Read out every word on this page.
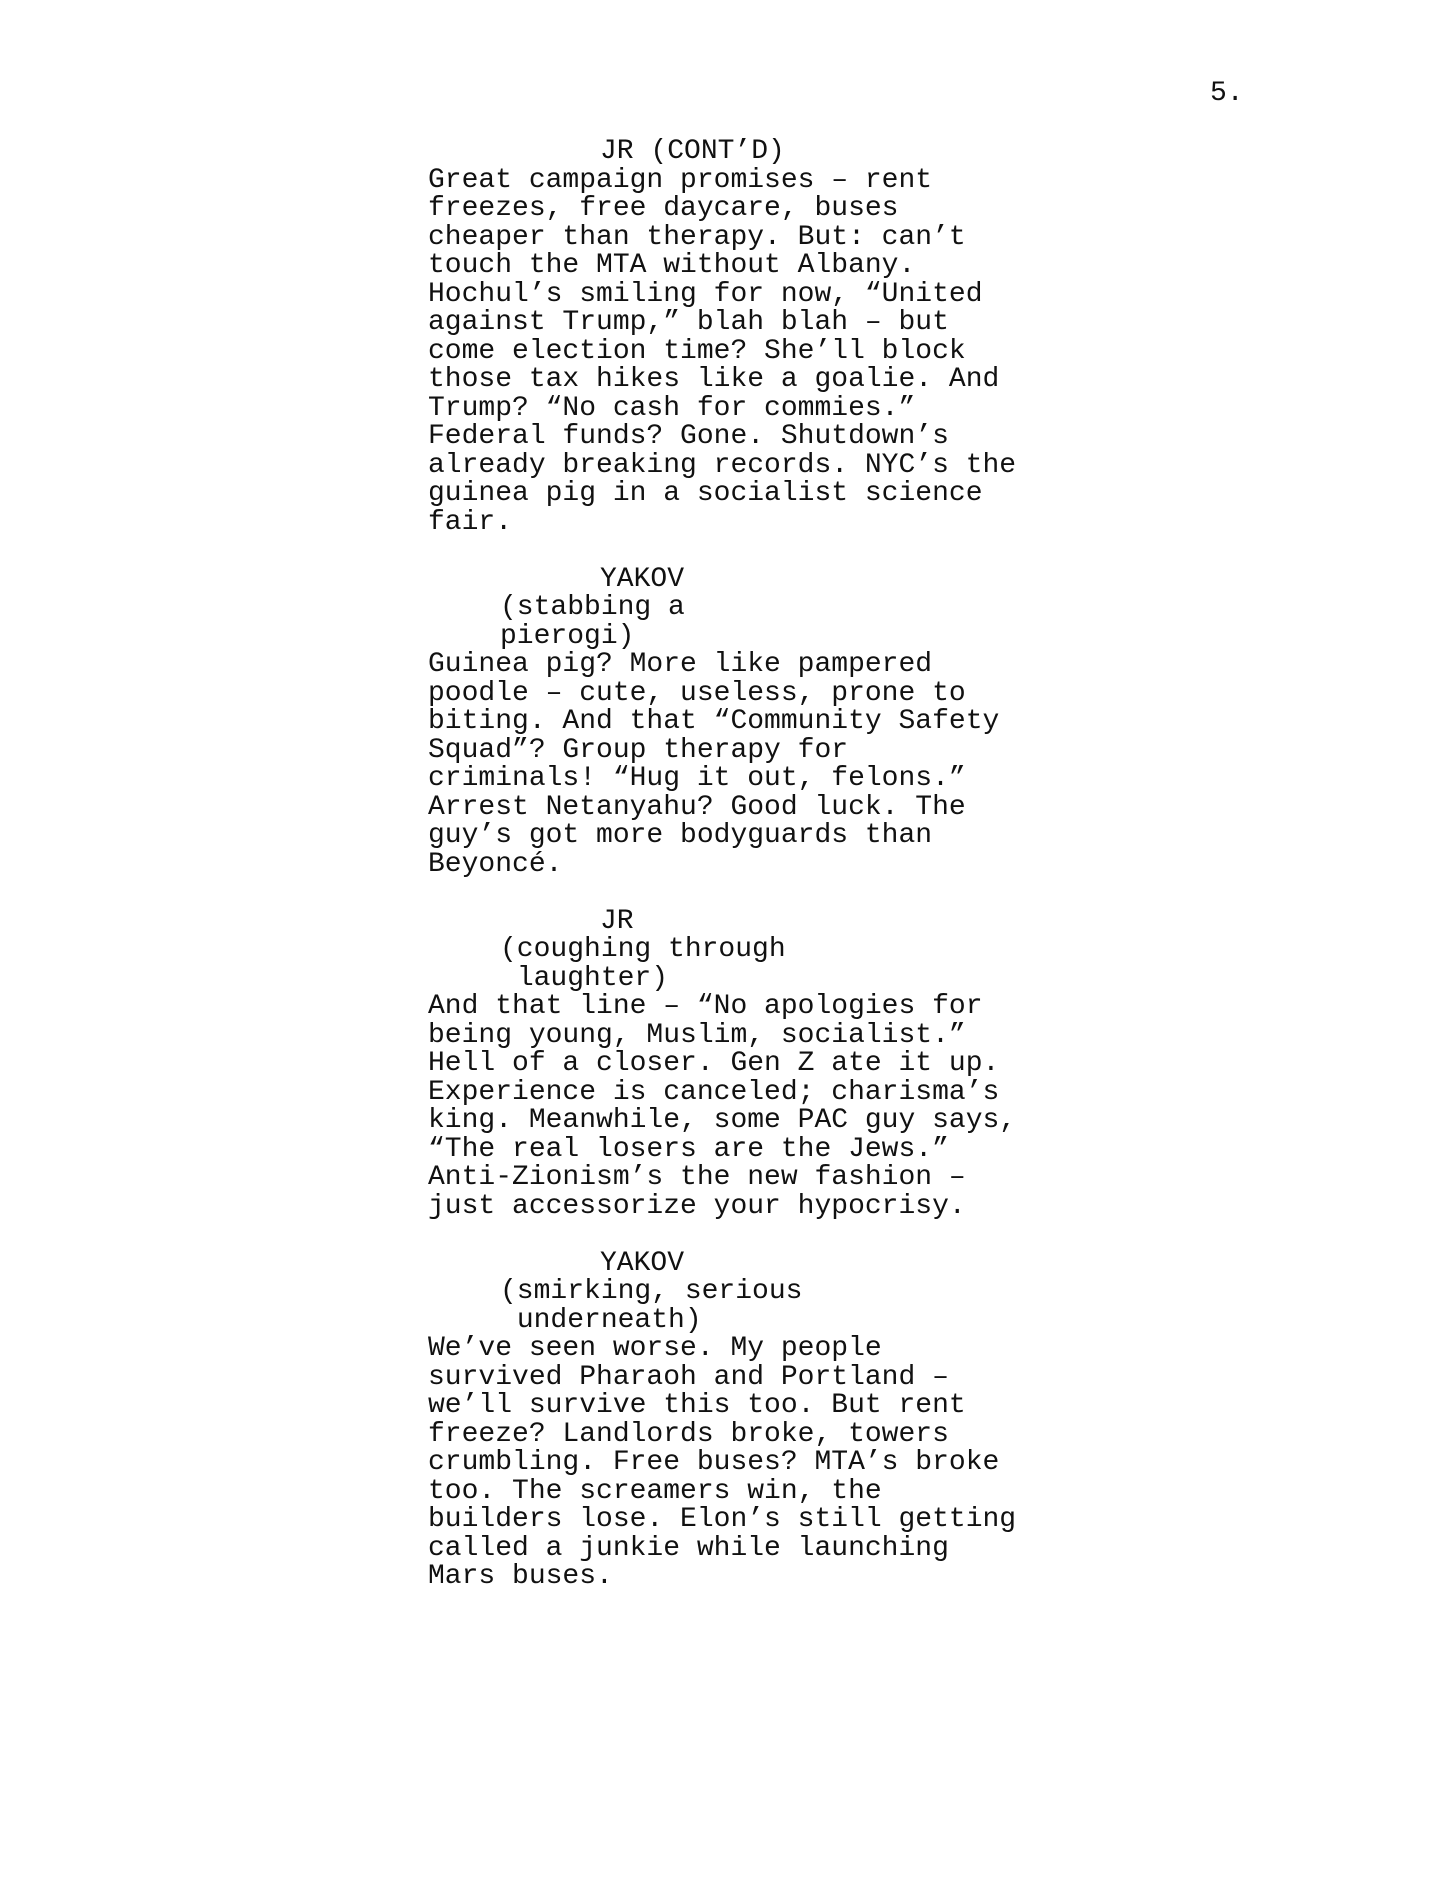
5.
JR (CONT’D)
Great campaign promises – rent
freezes, free daycare, buses
cheaper than therapy. But: can’t
touch the MTA without Albany.
Hochul’s smiling for now, “United
against Trump,” blah blah – but
come election time? She’ll block
those tax hikes like a goalie. And
Trump? “No cash for commies.”
Federal funds? Gone. Shutdown’s
already breaking records. NYC’s the
guinea pig in a socialist science
fair.
YAKOV
(stabbing a pierogi)
Guinea pig? More like pampered
poodle – cute, useless, prone to
biting. And that “Community Safety
Squad”? Group therapy for
criminals! “Hug it out, felons.”
Arrest Netanyahu? Good luck. The
guy’s got more bodyguards than
Beyoncé.
JR
(coughing through
laughter)
And that line – “No apologies for
being young, Muslim, socialist.”
Hell of a closer. Gen Z ate it up.
Experience is canceled; charisma’s
king. Meanwhile, some PAC guy says,
“The real losers are the Jews.”
Anti-Zionism’s the new fashion –
just accessorize your hypocrisy.
YAKOV
(smirking, serious
underneath)
We’ve seen worse. My people
survived Pharaoh and Portland –
we’ll survive this too. But rent
freeze? Landlords broke, towers
crumbling. Free buses? MTA’s broke
too. The screamers win, the
builders lose. Elon’s still getting
called a junkie while launching
Mars buses.
